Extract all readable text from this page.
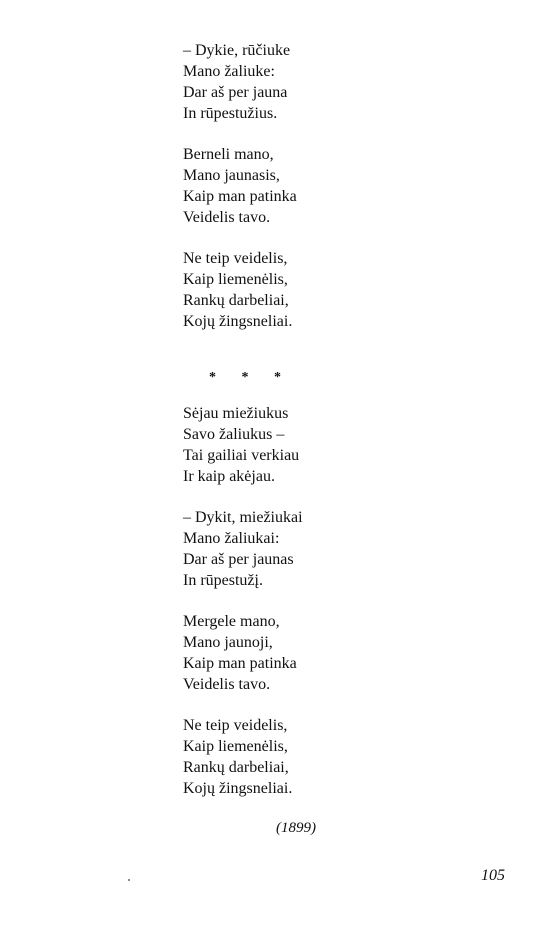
– Dykie, rūčiuke
Mano žaliuke:
Dar aš per jauna
In rūpestužius.
Berneli mano,
Mano jaunasis,
Kaip man patinka
Veidelis tavo.
Ne teip veidelis,
Kaip liemenėlis,
Rankų darbeliai,
Kojų žingsneliai.
* * *
Sėjau miežiukus
Savo žaliukus –
Tai gailiai verkiau
Ir kaip akėjau.
– Dykit, miežiukai
Mano žaliukai:
Dar aš per jaunas
In rūpestužį.
Mergele mano,
Mano jaunoji,
Kaip man patinka
Veidelis tavo.
Ne teip veidelis,
Kaip liemenėlis,
Rankų darbeliai,
Kojų žingsneliai.
(1899)
105
